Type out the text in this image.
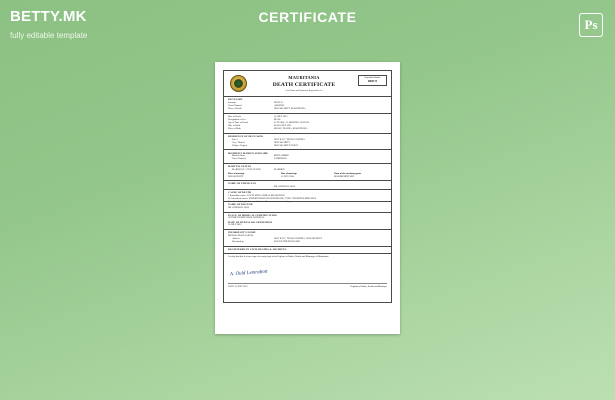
BETTY.MK
fully editable template
CERTIFICATE	Ps
MAURITANIA
DEATH CERTIFICATE
Civil Status and Population Registration Act
Registration Number
0004173
DECEASED
Surname	DIALLO
Given Name(s)	AMADOU
Place of Death	NOUAKCHOTT, MAURITANIA
Date of Death	14 JULY 2023
Designation of Sex	MALE
Age at Time of Death	67 YEARS / 11 MONTHS / 06 DAYS
Date of Birth	08 AUGUST 1955
Place of Birth	ROSSO, TRARZA, MAURITANIA
RESIDENCE OF DECEASED
Street	ILOT K 227, TEVRAGH ZEINA
City / District	NOUAKCHOTT
Wilaya / Region	NOUAKCHOTT OUEST
MOTHER'S MAIDEN SURNAME
Maiden Name	MINT AHMED
Given Name(s)	FATIMATOU
MARITAL STATUS
MARRIAGE / CIVIL STATUS	MARRIED
Place of marriage
NOUAKCHOTT
Date of marriage
12 JULY 1984
Name of the surviving spouse
MARIEM MINT SIDI
NAME OF PHYSICIAN
DR. OUMAR B. SOW
CAUSE OF DEATH
I. Immediate cause: ACUTE MYOCARDIAL INFARCTION
II. Antecedent causes: HYPERTENSIVE HEART DISEASE, TYPE 2 DIABETES MELLITUS
Enter the underlying disease or condition last. Do not enter the mode of dying.
NAME OF DOCTOR
DR. OUMAR B. SOW
PLACE OF MEDICAL CERTIFICATION
CENTRE HOSPITALIER NATIONAL
DATE OF BURIAL OR CREMATION
16 JULY 2023
INFORMANT'S NAME
MOUSSA DIALLO (SON)
Address	ILOT K 227, TEVRAGH ZEINA, NOUAKCHOTT
Relationship	SON OF THE DECEASED
REGISTERED IN CIVIL DEATHS & ARCHIVES
I certify that this is a true copy of an entry kept in the Register of Births, Deaths and Marriages of Mauritania.
A. Ould Lemrabott
DATE: 21 JULY 2023	Registrar of Births, Deaths and Marriages
